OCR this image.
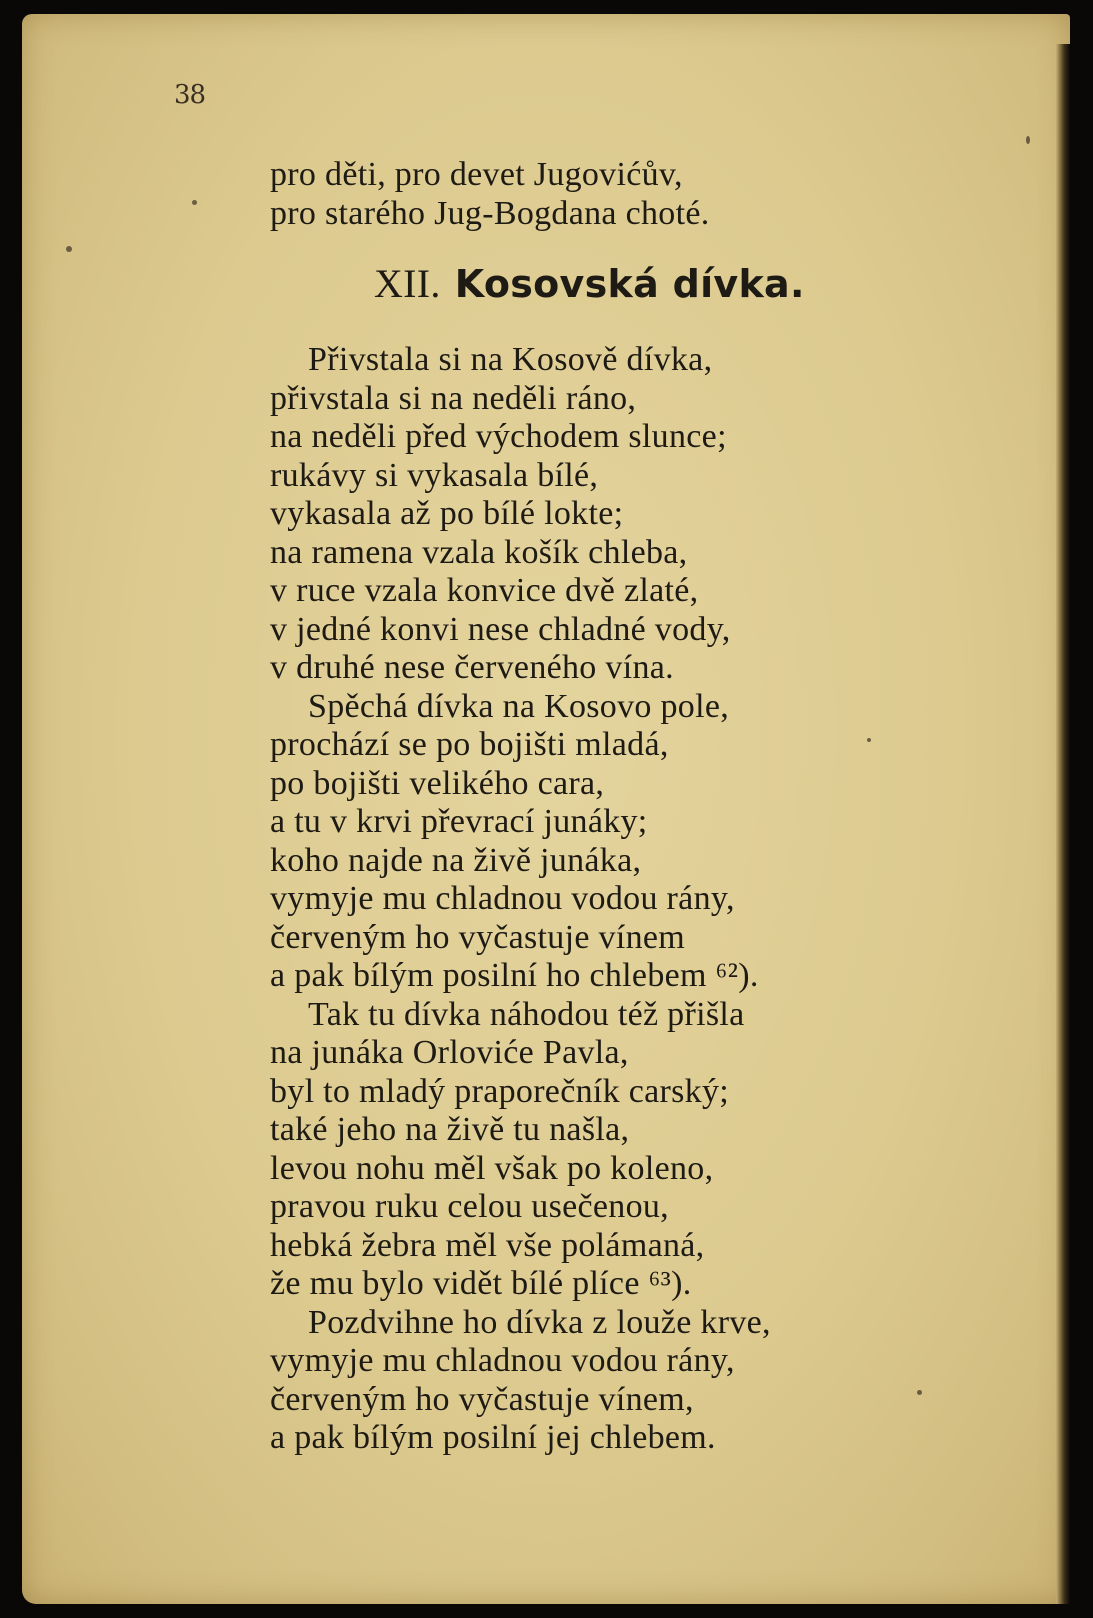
38
pro děti, pro devet Jugovićův,
pro starého Jug-Bogdana choté.
XII. Kosovská dívka.
Přivstala si na Kosově dívka,
přivstala si na neděli ráno,
na neděli před východem slunce;
rukávy si vykasala bílé,
vykasala až po bílé lokte;
na ramena vzala košík chleba,
v ruce vzala konvice dvě zlaté,
v jedné konvi nese chladné vody,
v druhé nese červeného vína.
Spěchá dívka na Kosovo pole,
prochází se po bojišti mladá,
po bojišti velikého cara,
a tu v krvi převrací junáky;
koho najde na živě junáka,
vymyje mu chladnou vodou rány,
červeným ho vyčastuje vínem
a pak bílým posilní ho chlebem ⁶²).
Tak tu dívka náhodou též přišla
na junáka Orloviće Pavla,
byl to mladý praporečník carský;
také jeho na živě tu našla,
levou nohu měl však po koleno,
pravou ruku celou usečenou,
hebká žebra měl vše polámaná,
že mu bylo vidět bílé plíce ⁶³).
Pozdvihne ho dívka z louže krve,
vymyje mu chladnou vodou rány,
červeným ho vyčastuje vínem,
a pak bílým posilní jej chlebem.
